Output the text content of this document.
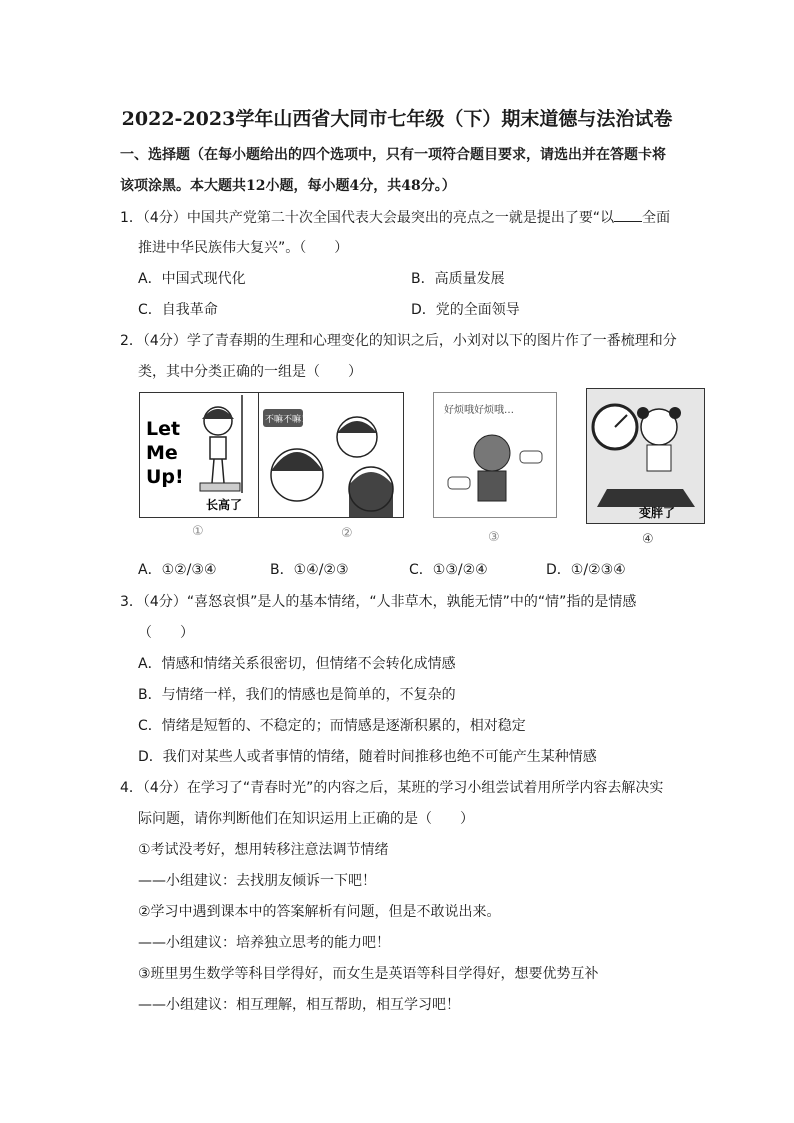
2022-2023学年山西省大同市七年级（下）期末道德与法治试卷
一、选择题（在每小题给出的四个选项中，只有一项符合题目要求，请选出并在答题卡将
该项涂黑。本大题共12小题，每小题4分，共48分。）
1．（4分）中国共产党第二十次全国代表大会最突出的亮点之一就是提出了要“以 全面
推进中华民族伟大复兴”。（　　）
A．中国式现代化	B．高质量发展
C．自我革命	D．党的全面领导
2．（4分）学了青春期的生理和心理变化的知识之后，小刘对以下的图片作了一番梳理和分
类，其中分类正确的一组是（　　）
Let
Me
Up!
长高了
不嘛不嘛！
好烦哦好烦哦…
变胖了
①	②	③	④
A．①②/③④	B．①④/②③	C．①③/②④	D．①/②③④
3．（4分）“喜怒哀惧”是人的基本情绪，“人非草木，孰能无情”中的“情”指的是情感
（　　）
A．情感和情绪关系很密切，但情绪不会转化成情感
B．与情绪一样，我们的情感也是简单的，不复杂的
C．情绪是短暂的、不稳定的；而情感是逐渐积累的，相对稳定
D．我们对某些人或者事情的情绪，随着时间推移也绝不可能产生某种情感
4．（4分）在学习了“青春时光”的内容之后，某班的学习小组尝试着用所学内容去解决实
际问题，请你判断他们在知识运用上正确的是（　　）
①考试没考好，想用转移注意法调节情绪
——小组建议：去找朋友倾诉一下吧！
②学习中遇到课本中的答案解析有问题，但是不敢说出来。
——小组建议：培养独立思考的能力吧！
③班里男生数学等科目学得好，而女生是英语等科目学得好，想要优势互补
——小组建议：相互理解，相互帮助，相互学习吧！
